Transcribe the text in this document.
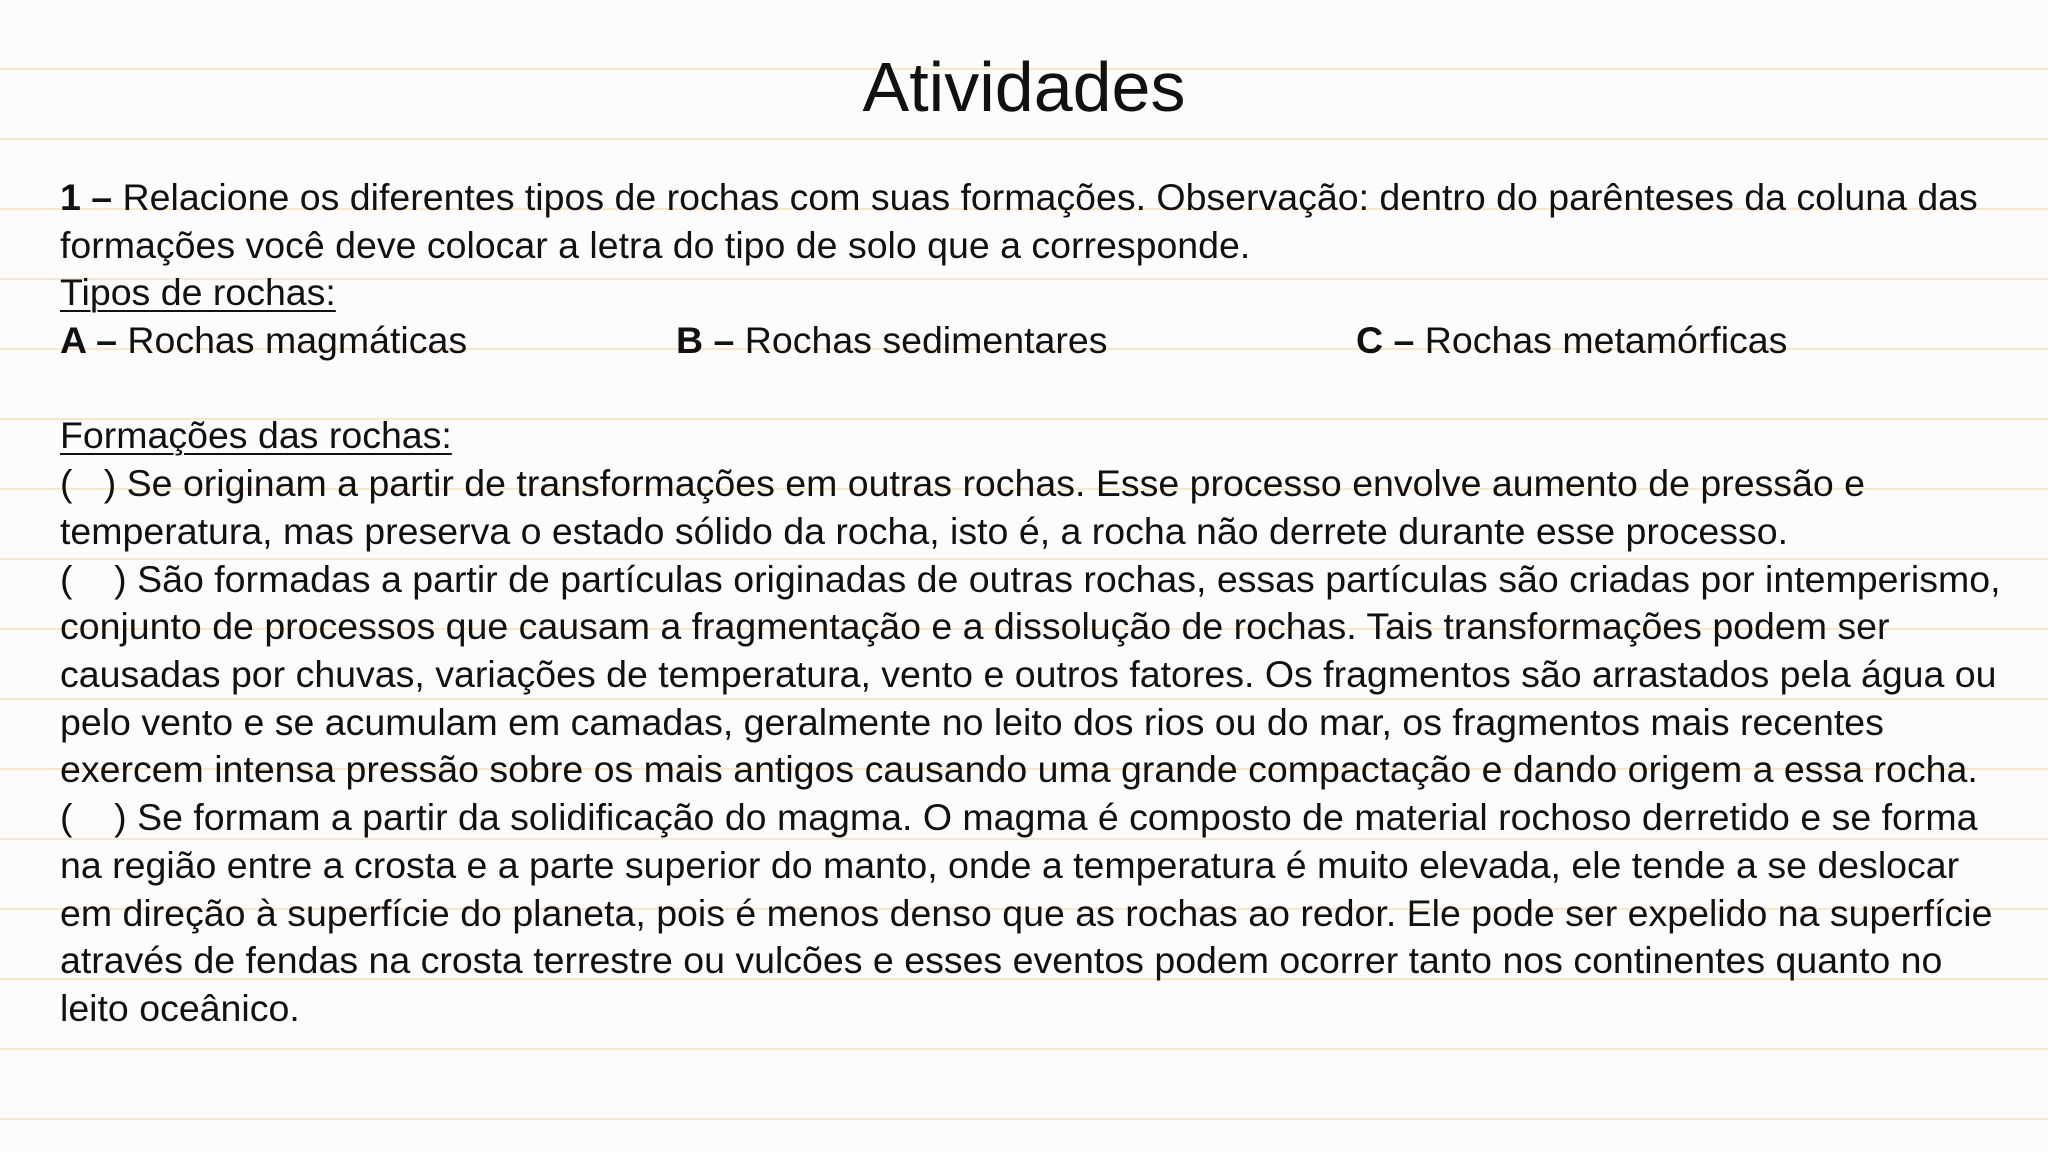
Atividades

1 – Relacione os diferentes tipos de rochas com suas formações. Observação: dentro do parênteses da coluna das formações você deve colocar a letra do tipo de solo que a corresponde.

Tipos de rochas:

A – Rochas magmáticas	B – Rochas sedimentares	C – Rochas metamórficas

Formações das rochas:

(   ) Se originam a partir de transformações em outras rochas. Esse processo envolve aumento de pressão e temperatura, mas preserva o estado sólido da rocha, isto é, a rocha não derrete durante esse processo.

(    ) São formadas a partir de partículas originadas de outras rochas, essas partículas são criadas por intemperismo, conjunto de processos que causam a fragmentação e a dissolução de rochas. Tais transformações podem ser causadas por chuvas, variações de temperatura, vento e outros fatores. Os fragmentos são arrastados pela água ou pelo vento e se acumulam em camadas, geralmente no leito dos rios ou do mar, os fragmentos mais recentes exercem intensa pressão sobre os mais antigos causando uma grande compactação e dando origem a essa rocha.

(    ) Se formam a partir da solidificação do magma. O magma é composto de material rochoso derretido e se forma na região entre a crosta e a parte superior do manto, onde a temperatura é muito elevada, ele tende a se deslocar em direção à superfície do planeta, pois é menos denso que as rochas ao redor. Ele pode ser expelido na superfície através de fendas na crosta terrestre ou vulcões e esses eventos podem ocorrer tanto nos continentes quanto no leito oceânico.
